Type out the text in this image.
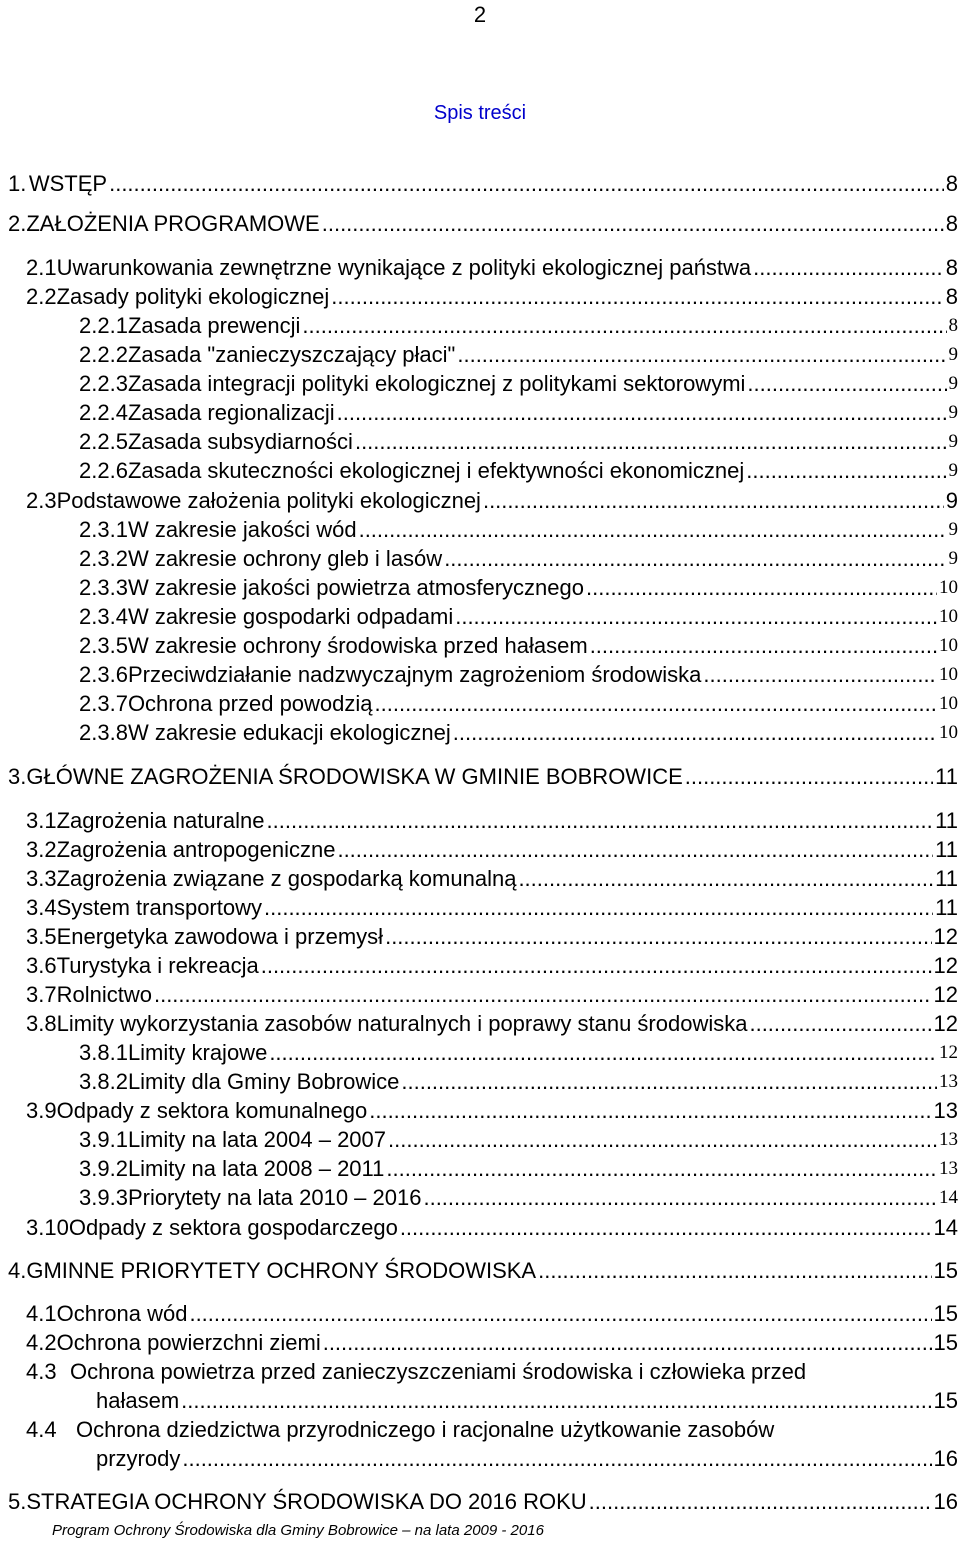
2
Spis treści
1. WSTĘP .....	8
2. ZAŁOŻENIA PROGRAMOWE .....	8
2.1 Uwarunkowania zewnętrzne wynikające z polityki ekologicznej państwa .....	8
2.2 Zasady polityki ekologicznej .....	8
2.2.1 Zasada prewencji .....	8
2.2.2 Zasada "zanieczyszczający płaci" .....	9
2.2.3 Zasada integracji polityki ekologicznej z politykami sektorowymi .....	9
2.2.4 Zasada regionalizacji .....	9
2.2.5 Zasada subsydiarności .....	9
2.2.6 Zasada skuteczności ekologicznej i efektywności ekonomicznej .....	9
2.3 Podstawowe założenia polityki ekologicznej .....	9
2.3.1 W zakresie jakości wód .....	9
2.3.2 W zakresie ochrony gleb i lasów .....	9
2.3.3 W zakresie jakości powietrza atmosferycznego .....	10
2.3.4 W zakresie gospodarki odpadami .....	10
2.3.5 W zakresie ochrony środowiska przed hałasem .....	10
2.3.6 Przeciwdziałanie nadzwyczajnym zagrożeniom środowiska .....	10
2.3.7 Ochrona przed powodzią .....	10
2.3.8 W zakresie edukacji ekologicznej .....	10
3. GŁÓWNE ZAGROŻENIA ŚRODOWISKA W GMINIE BOBROWICE .....	11
3.1 Zagrożenia naturalne .....	11
3.2 Zagrożenia antropogeniczne .....	11
3.3 Zagrożenia związane z gospodarką komunalną .....	11
3.4 System transportowy .....	11
3.5 Energetyka zawodowa i przemysł .....	12
3.6 Turystyka i rekreacja .....	12
3.7 Rolnictwo .....	12
3.8 Limity wykorzystania zasobów naturalnych i poprawy stanu środowiska .....	12
3.8.1 Limity krajowe .....	12
3.8.2 Limity dla Gminy Bobrowice .....	13
3.9 Odpady z sektora komunalnego .....	13
3.9.1 Limity na lata 2004 – 2007 .....	13
3.9.2 Limity na lata 2008 – 2011 .....	13
3.9.3 Priorytety na lata 2010 – 2016 .....	14
3.10 Odpady z sektora gospodarczego .....	14
4. GMINNE PRIORYTETY OCHRONY ŚRODOWISKA .....	15
4.1 Ochrona wód .....	15
4.2 Ochrona powierzchni ziemi .....	15
4.3 Ochrona powietrza przed zanieczyszczeniami środowiska i człowieka przed
hałasem .....	15
4.4 Ochrona dziedzictwa przyrodniczego i racjonalne użytkowanie zasobów
przyrody .....	16
5. STRATEGIA OCHRONY ŚRODOWISKA DO 2016 ROKU .....	16
Program Ochrony Środowiska dla Gminy Bobrowice – na lata 2009 - 2016
